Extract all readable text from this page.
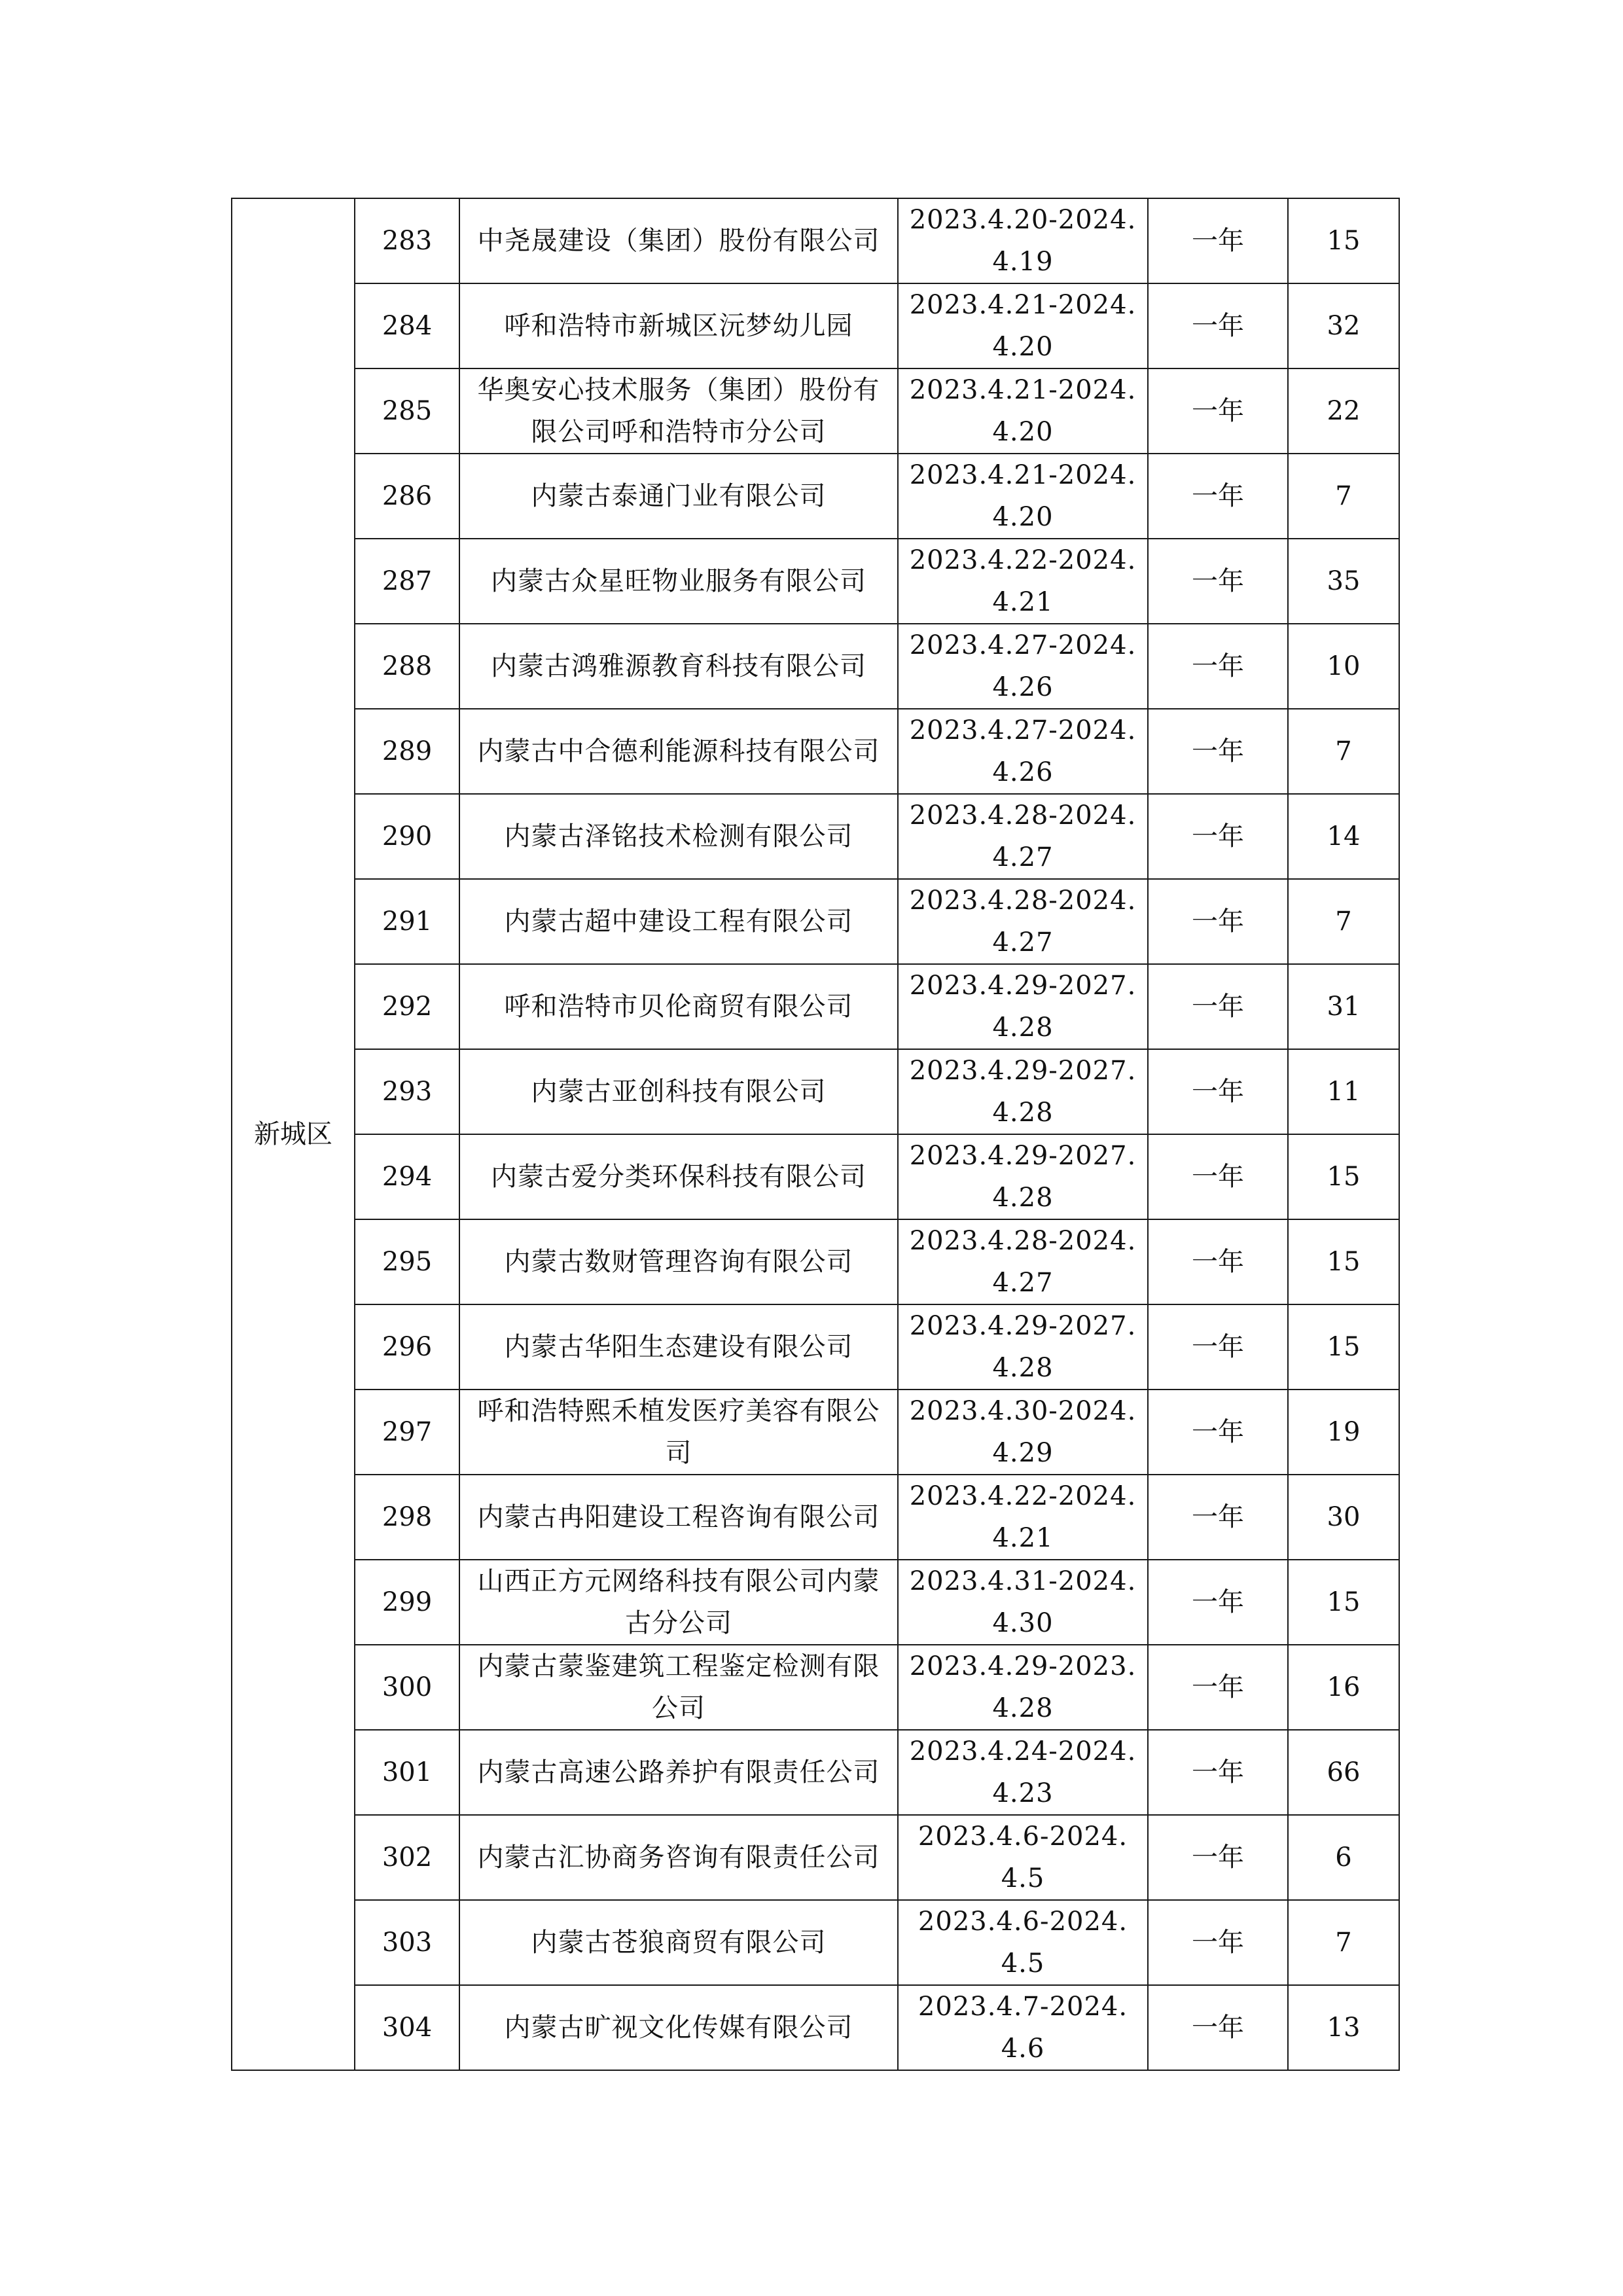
新城区	283	中尧晟建设（集团）股份有限公司	2023.4.20-2024.4.19	一年	15
	284	呼和浩特市新城区沅梦幼儿园	2023.4.21-2024.4.20	一年	32
	285	华奥安心技术服务（集团）股份有限公司呼和浩特市分公司	2023.4.21-2024.4.20	一年	22
	286	内蒙古泰通门业有限公司	2023.4.21-2024.4.20	一年	7
	287	内蒙古众星旺物业服务有限公司	2023.4.22-2024.4.21	一年	35
	288	内蒙古鸿雅源教育科技有限公司	2023.4.27-2024.4.26	一年	10
	289	内蒙古中合德利能源科技有限公司	2023.4.27-2024.4.26	一年	7
	290	内蒙古泽铭技术检测有限公司	2023.4.28-2024.4.27	一年	14
	291	内蒙古超中建设工程有限公司	2023.4.28-2024.4.27	一年	7
	292	呼和浩特市贝伦商贸有限公司	2023.4.29-2027.4.28	一年	31
	293	内蒙古亚创科技有限公司	2023.4.29-2027.4.28	一年	11
	294	内蒙古爱分类环保科技有限公司	2023.4.29-2027.4.28	一年	15
	295	内蒙古数财管理咨询有限公司	2023.4.28-2024.4.27	一年	15
	296	内蒙古华阳生态建设有限公司	2023.4.29-2027.4.28	一年	15
	297	呼和浩特熙禾植发医疗美容有限公司	2023.4.30-2024.4.29	一年	19
	298	内蒙古冉阳建设工程咨询有限公司	2023.4.22-2024.4.21	一年	30
	299	山西正方元网络科技有限公司内蒙古分公司	2023.4.31-2024.4.30	一年	15
	300	内蒙古蒙鉴建筑工程鉴定检测有限公司	2023.4.29-2023.4.28	一年	16
	301	内蒙古高速公路养护有限责任公司	2023.4.24-2024.4.23	一年	66
	302	内蒙古汇协商务咨询有限责任公司	2023.4.6-2024.4.5	一年	6
	303	内蒙古苍狼商贸有限公司	2023.4.6-2024.4.5	一年	7
	304	内蒙古旷视文化传媒有限公司	2023.4.7-2024.4.6	一年	13
